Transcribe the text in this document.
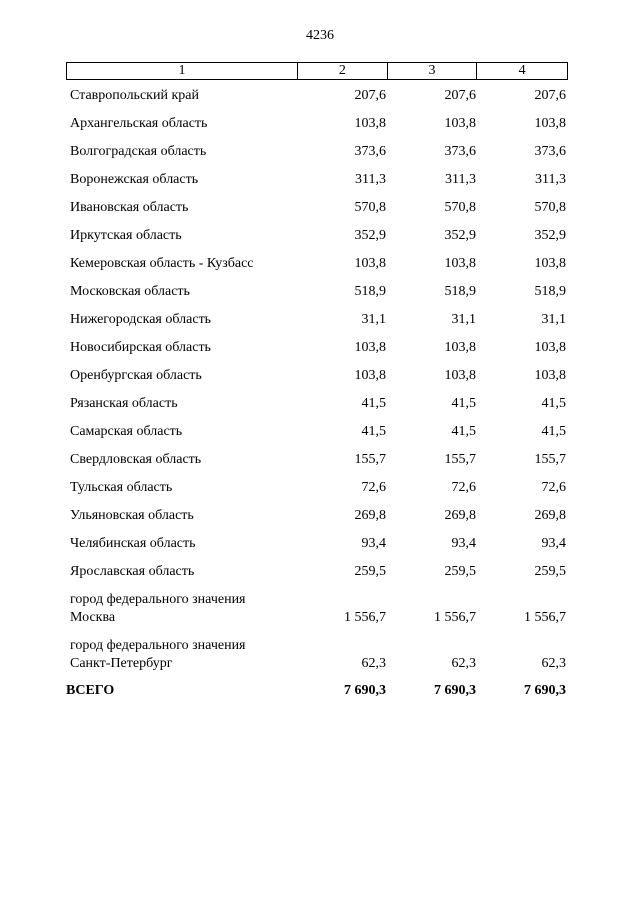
4236
1	2	3	4
Ставропольский край	207,6	207,6	207,6
Архангельская область	103,8	103,8	103,8
Волгоградская область	373,6	373,6	373,6
Воронежская область	311,3	311,3	311,3
Ивановская область	570,8	570,8	570,8
Иркутская область	352,9	352,9	352,9
Кемеровская область - Кузбасс	103,8	103,8	103,8
Московская область	518,9	518,9	518,9
Нижегородская область	31,1	31,1	31,1
Новосибирская область	103,8	103,8	103,8
Оренбургская область	103,8	103,8	103,8
Рязанская область	41,5	41,5	41,5
Самарская область	41,5	41,5	41,5
Свердловская область	155,7	155,7	155,7
Тульская область	72,6	72,6	72,6
Ульяновская область	269,8	269,8	269,8
Челябинская область	93,4	93,4	93,4
Ярославская область	259,5	259,5	259,5
город федерального значения Москва	1 556,7	1 556,7	1 556,7
город федерального значения Санкт-Петербург	62,3	62,3	62,3
ВСЕГО	7 690,3	7 690,3	7 690,3
